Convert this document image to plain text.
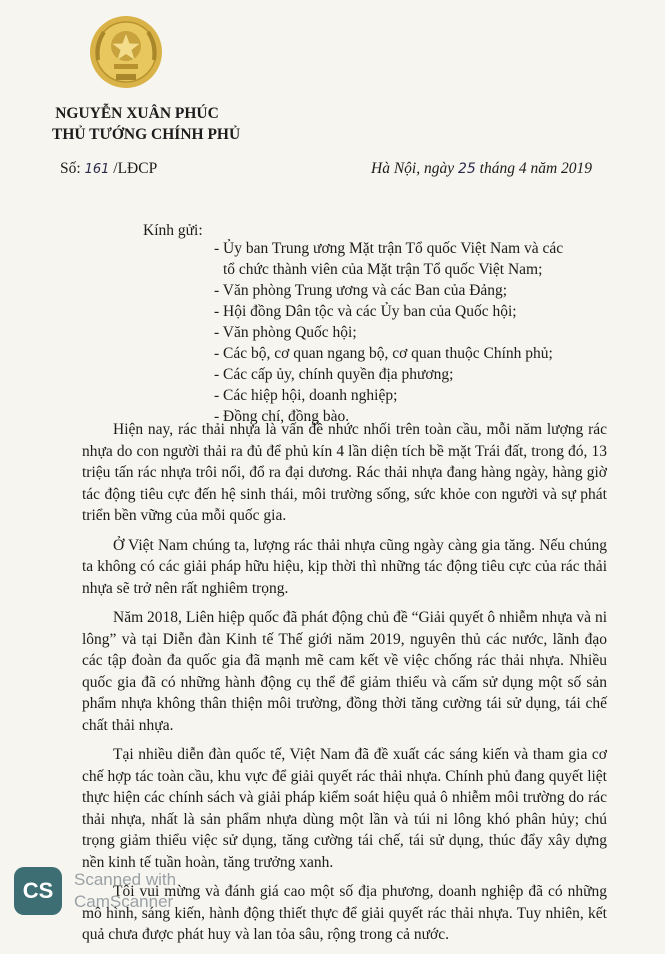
NGUYỄN XUÂN PHÚC
THỦ TƯỚNG CHÍNH PHỦ
Số: 161 /LĐCP	Hà Nội, ngày 25 tháng 4 năm 2019
Kính gửi:
- Ủy ban Trung ương Mặt trận Tổ quốc Việt Nam và các
tổ chức thành viên của Mặt trận Tổ quốc Việt Nam;
- Văn phòng Trung ương và các Ban của Đảng;
- Hội đồng Dân tộc và các Ủy ban của Quốc hội;
- Văn phòng Quốc hội;
- Các bộ, cơ quan ngang bộ, cơ quan thuộc Chính phủ;
- Các cấp ủy, chính quyền địa phương;
- Các hiệp hội, doanh nghiệp;
- Đồng chí, đồng bào.

Hiện nay, rác thải nhựa là vấn đề nhức nhối trên toàn cầu, mỗi năm lượng rác nhựa do con người thải ra đủ để phủ kín 4 lần diện tích bề mặt Trái đất, trong đó, 13 triệu tấn rác nhựa trôi nổi, đổ ra đại dương. Rác thải nhựa đang hàng ngày, hàng giờ tác động tiêu cực đến hệ sinh thái, môi trường sống, sức khỏe con người và sự phát triển bền vững của mỗi quốc gia.

Ở Việt Nam chúng ta, lượng rác thải nhựa cũng ngày càng gia tăng. Nếu chúng ta không có các giải pháp hữu hiệu, kịp thời thì những tác động tiêu cực của rác thải nhựa sẽ trở nên rất nghiêm trọng.

Năm 2018, Liên hiệp quốc đã phát động chủ đề “Giải quyết ô nhiễm nhựa và ni lông” và tại Diễn đàn Kinh tế Thế giới năm 2019, nguyên thủ các nước, lãnh đạo các tập đoàn đa quốc gia đã mạnh mẽ cam kết về việc chống rác thải nhựa. Nhiều quốc gia đã có những hành động cụ thể để giảm thiểu và cấm sử dụng một số sản phẩm nhựa không thân thiện môi trường, đồng thời tăng cường tái sử dụng, tái chế chất thải nhựa.

Tại nhiều diễn đàn quốc tế, Việt Nam đã đề xuất các sáng kiến và tham gia cơ chế hợp tác toàn cầu, khu vực để giải quyết rác thải nhựa. Chính phủ đang quyết liệt thực hiện các chính sách và giải pháp kiểm soát hiệu quả ô nhiễm môi trường do rác thải nhựa, nhất là sản phẩm nhựa dùng một lần và túi ni lông khó phân hủy; chú trọng giảm thiểu việc sử dụng, tăng cường tái chế, tái sử dụng, thúc đẩy xây dựng nền kinh tế tuần hoàn, tăng trưởng xanh.

Tôi vui mừng và đánh giá cao một số địa phương, doanh nghiệp đã có những mô hình, sáng kiến, hành động thiết thực để giải quyết rác thải nhựa. Tuy nhiên, kết quả chưa được phát huy và lan tỏa sâu, rộng trong cả nước.

CS	Scanned with
CamScanner
